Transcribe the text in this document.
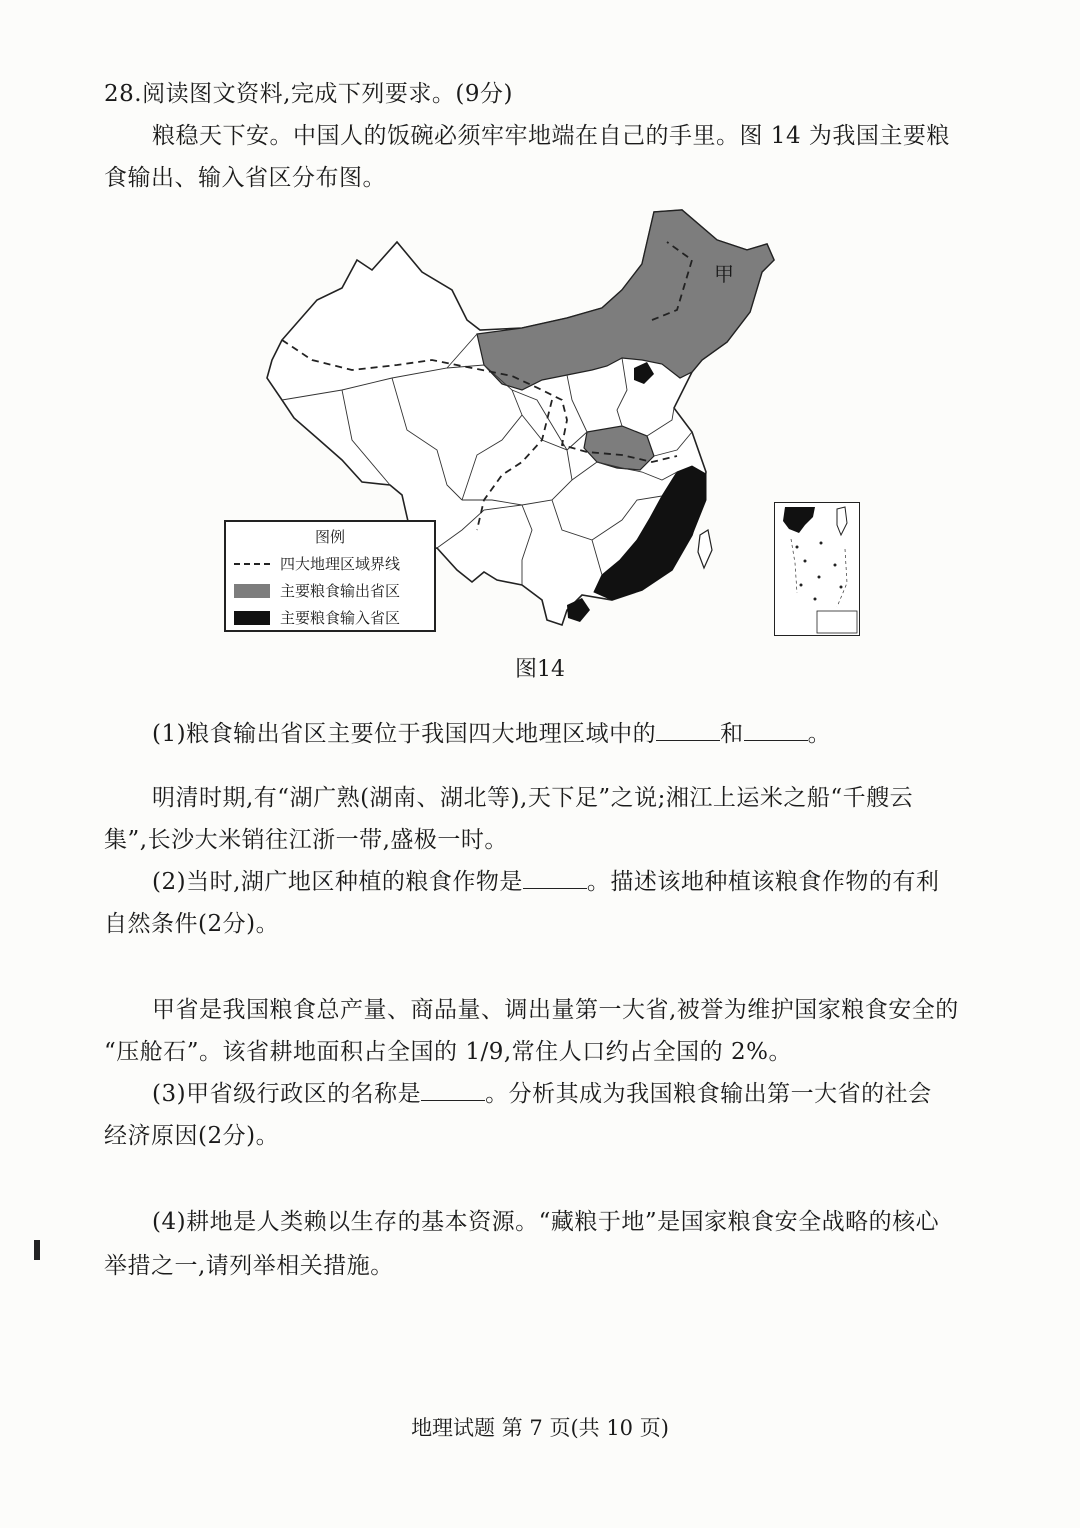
28.阅读图文资料,完成下列要求。(9分)
粮稳天下安。中国人的饭碗必须牢牢地端在自己的手里。图 14 为我国主要粮
食输出、输入省区分布图。
甲
图例
四大地理区域界线
主要粮食输出省区
主要粮食输入省区
图14
(1)粮食输出省区主要位于我国四大地理区域中的	和	。
明清时期,有“湖广熟(湖南、湖北等),天下足”之说;湘江上运米之船“千艘云
集”,长沙大米销往江浙一带,盛极一时。
(2)当时,湖广地区种植的粮食作物是	。描述该地种植该粮食作物的有利
自然条件(2分)。
甲省是我国粮食总产量、商品量、调出量第一大省,被誉为维护国家粮食安全的
“压舱石”。该省耕地面积占全国的 1/9,常住人口约占全国的 2%。
(3)甲省级行政区的名称是	。分析其成为我国粮食输出第一大省的社会
经济原因(2分)。
(4)耕地是人类赖以生存的基本资源。“藏粮于地”是国家粮食安全战略的核心
举措之一,请列举相关措施。
地理试题 第 7 页(共 10 页)
